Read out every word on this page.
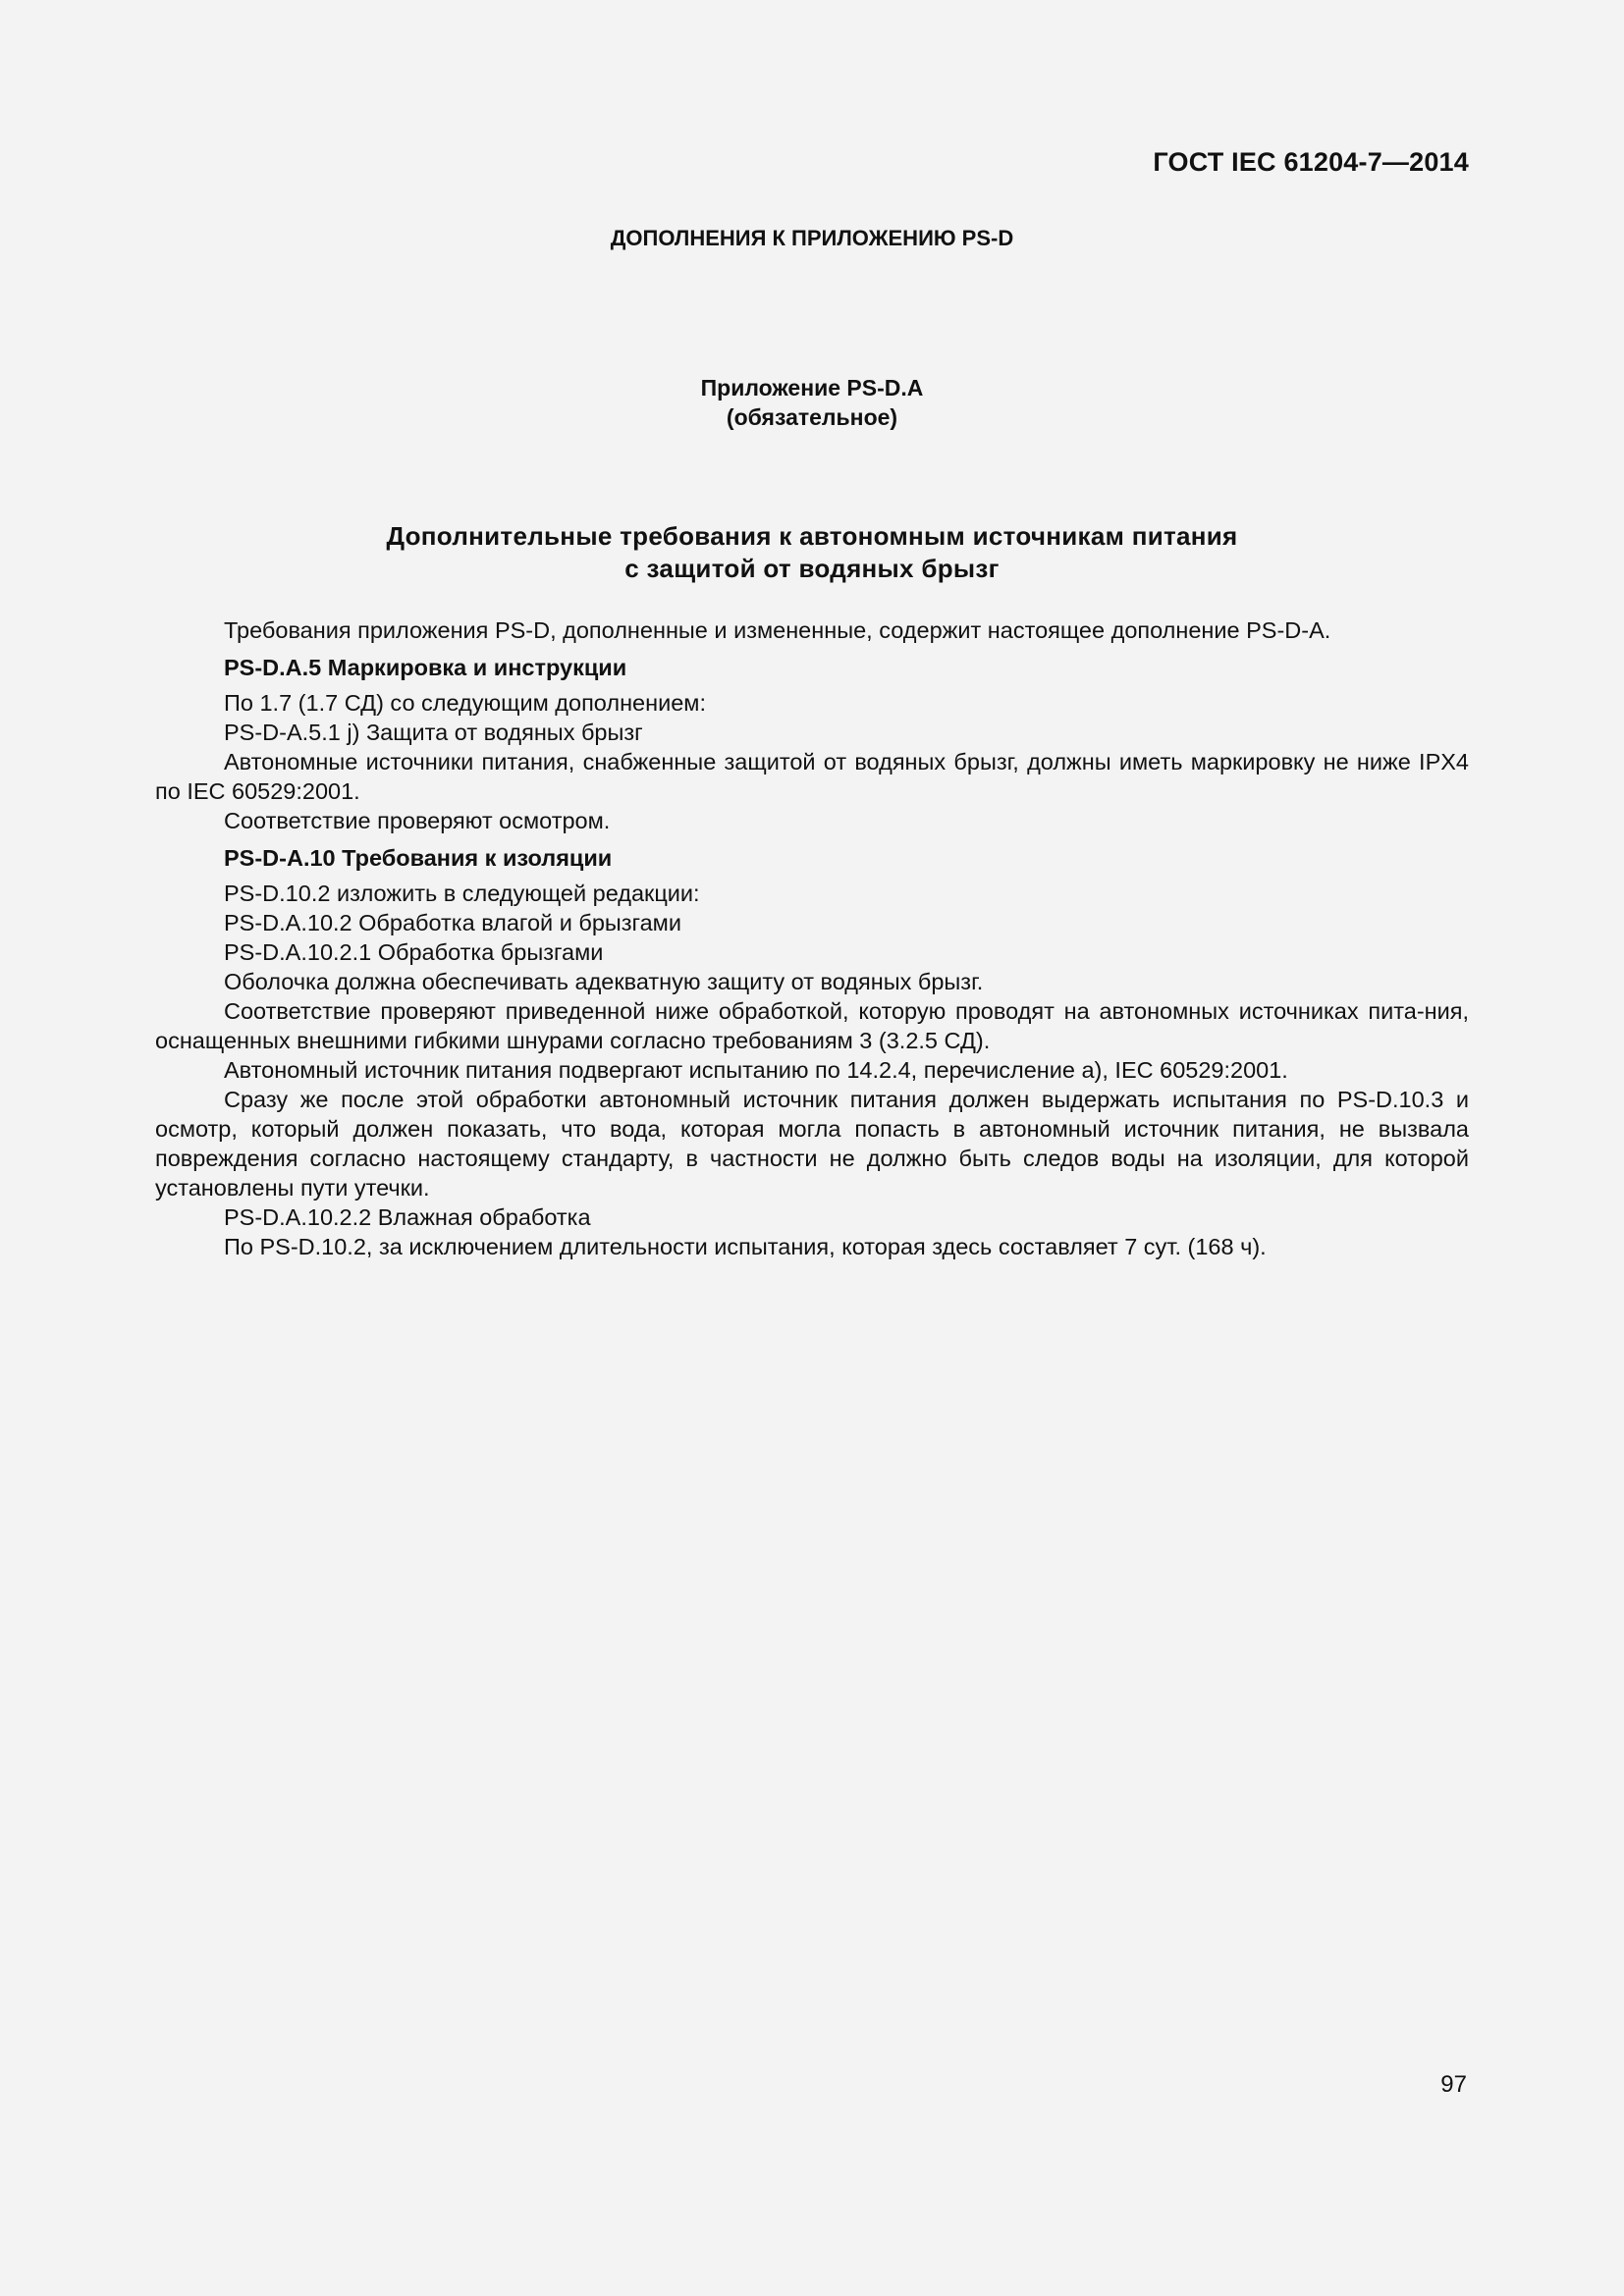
ГОСТ IEC 61204-7—2014
ДОПОЛНЕНИЯ К ПРИЛОЖЕНИЮ PS-D
Приложение PS-D.A
(обязательное)
Дополнительные требования к автономным источникам питания
с защитой от водяных брызг

Требования приложения PS-D, дополненные и измененные, содержит настоящее дополнение PS-D-A.

PS-D.A.5 Маркировка и инструкции

По 1.7 (1.7 СД) со следующим дополнением:

PS-D-A.5.1 j) Защита от водяных брызг

Автономные источники питания, снабженные защитой от водяных брызг, должны иметь маркировку не ниже IPX4 по IEC 60529:2001.

Соответствие проверяют осмотром.

PS-D-A.10 Требования к изоляции

PS-D.10.2 изложить в следующей редакции:

PS-D.A.10.2 Обработка влагой и брызгами

PS-D.A.10.2.1 Обработка брызгами

Оболочка должна обеспечивать адекватную защиту от водяных брызг.

Соответствие проверяют приведенной ниже обработкой, которую проводят на автономных источниках пита-ния, оснащенных внешними гибкими шнурами согласно требованиям 3 (3.2.5 СД).

Автономный источник питания подвергают испытанию по 14.2.4, перечисление а), IEC 60529:2001.

Сразу же после этой обработки автономный источник питания должен выдержать испытания по PS-D.10.3 и осмотр, который должен показать, что вода, которая могла попасть в автономный источник питания, не вызвала повреждения согласно настоящему стандарту, в частности не должно быть следов воды на изоляции, для которой установлены пути утечки.

PS-D.A.10.2.2 Влажная обработка

По PS-D.10.2, за исключением длительности испытания, которая здесь составляет 7 сут. (168 ч).

97
